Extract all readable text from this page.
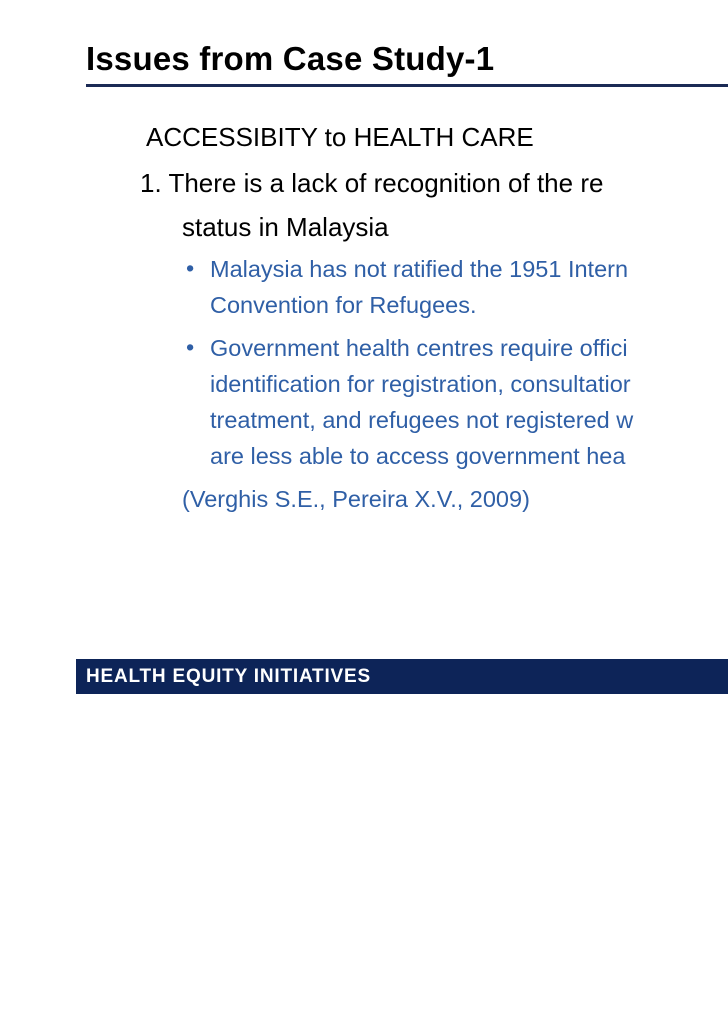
Issues from Case Study-1
ACCESSIBITY to HEALTH CARE
1. There is a lack of recognition of the re
status in Malaysia
• Malaysia has not ratified the 1951 Intern
Convention for Refugees.
• Government health centres require offici
identification for registration, consultatior
treatment, and refugees not registered w
are less able to access government hea
(Verghis S.E., Pereira X.V., 2009)
HEALTH EQUITY INITIATIVES
